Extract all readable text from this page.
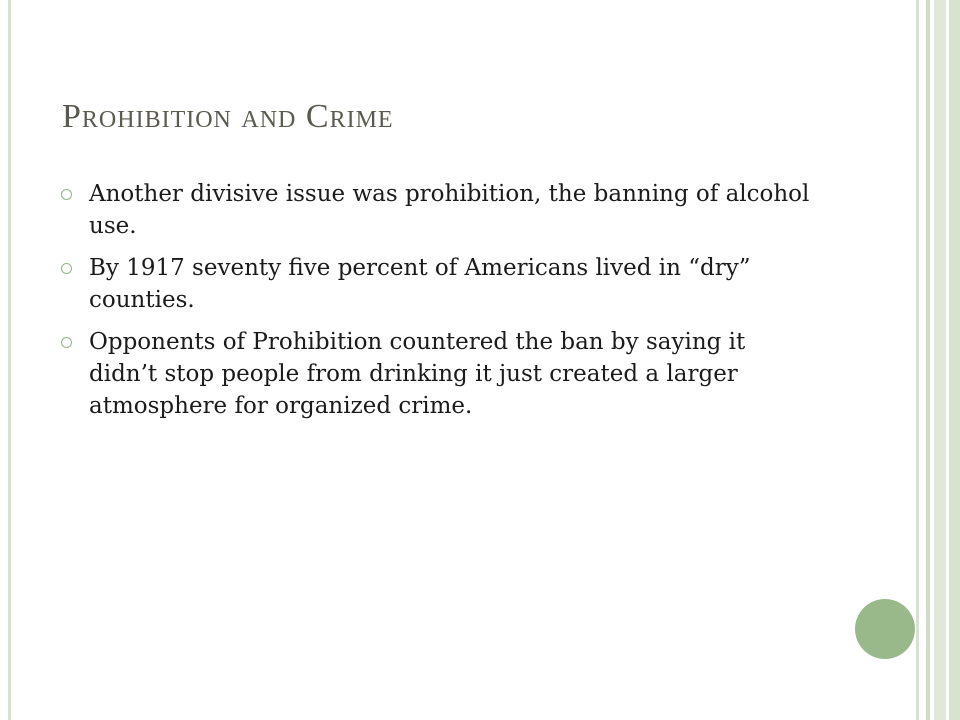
Prohibition and Crime
Another divisive issue was prohibition, the banning of alcohol use.
By 1917 seventy five percent of Americans lived in “dry” counties.
Opponents of Prohibition countered the ban by saying it didn’t stop people from drinking it just created a larger atmosphere for organized crime.
